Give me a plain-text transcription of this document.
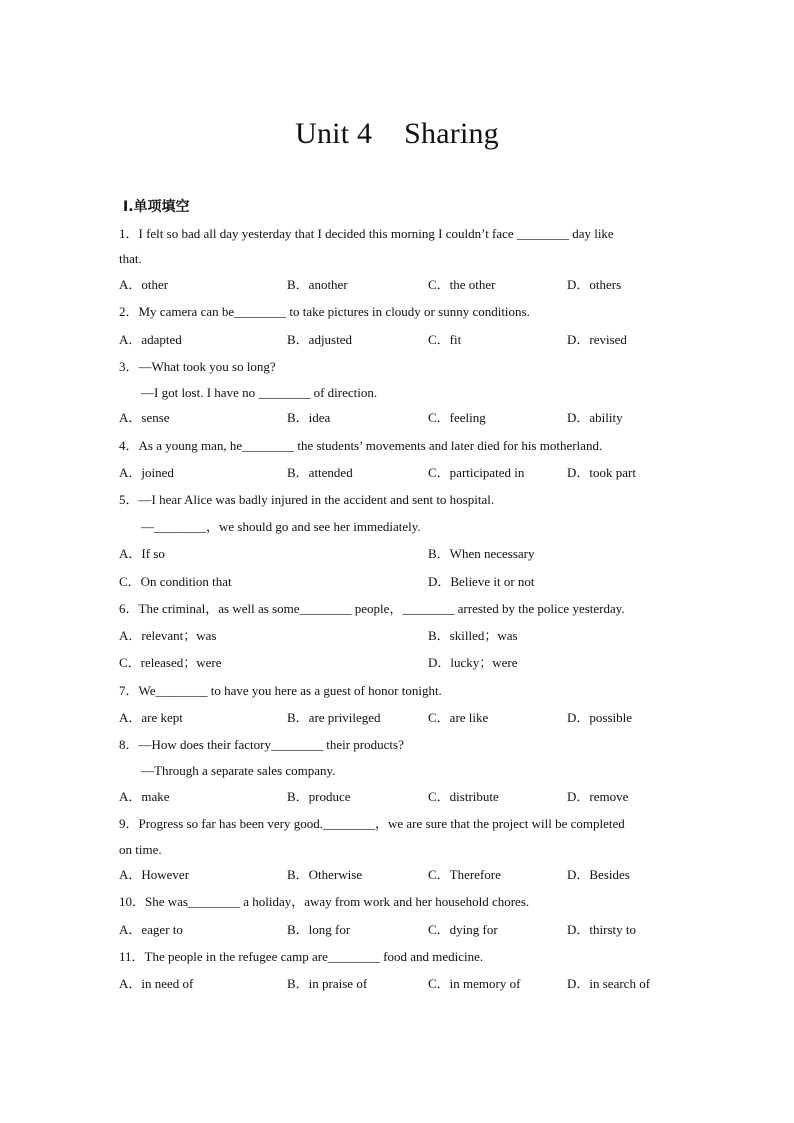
Unit 4 Sharing
Ⅰ.单项填空
1．I felt so bad all day yesterday that I decided this morning I couldn’t face ________ day like
that.
A．other	B．another	C．the other	D．others
2．My camera can be________ to take pictures in cloudy or sunny conditions.
A．adapted	B．adjusted	C．fit	D．revised
3．—What took you so long?
—I got lost. I have no ________ of direction.
A．sense	B．idea	C．feeling	D．ability
4．As a young man, he________ the students’ movements and later died for his motherland.
A．joined	B．attended	C．participated in	D．took part
5．—I hear Alice was badly injured in the accident and sent to hospital.
—________，we should go and see her immediately.
A．If so	B．When necessary
C．On condition that	D．Believe it or not
6．The criminal，as well as some________ people，________ arrested by the police yesterday.
A．relevant；was	B．skilled；was
C．released；were	D．lucky；were
7．We________ to have you here as a guest of honor tonight.
A．are kept	B．are privileged	C．are like	D．possible
8．—How does their factory________ their products?
—Through a separate sales company.
A．make	B．produce	C．distribute	D．remove
9．Progress so far has been very good.________，we are sure that the project will be completed
on time.
A．However	B．Otherwise	C．Therefore	D．Besides
10．She was________ a holiday，away from work and her household chores.
A．eager to	B．long for	C．dying for	D．thirsty to
11．The people in the refugee camp are________ food and medicine.
A．in need of	B．in praise of	C．in memory of	D．in search of
